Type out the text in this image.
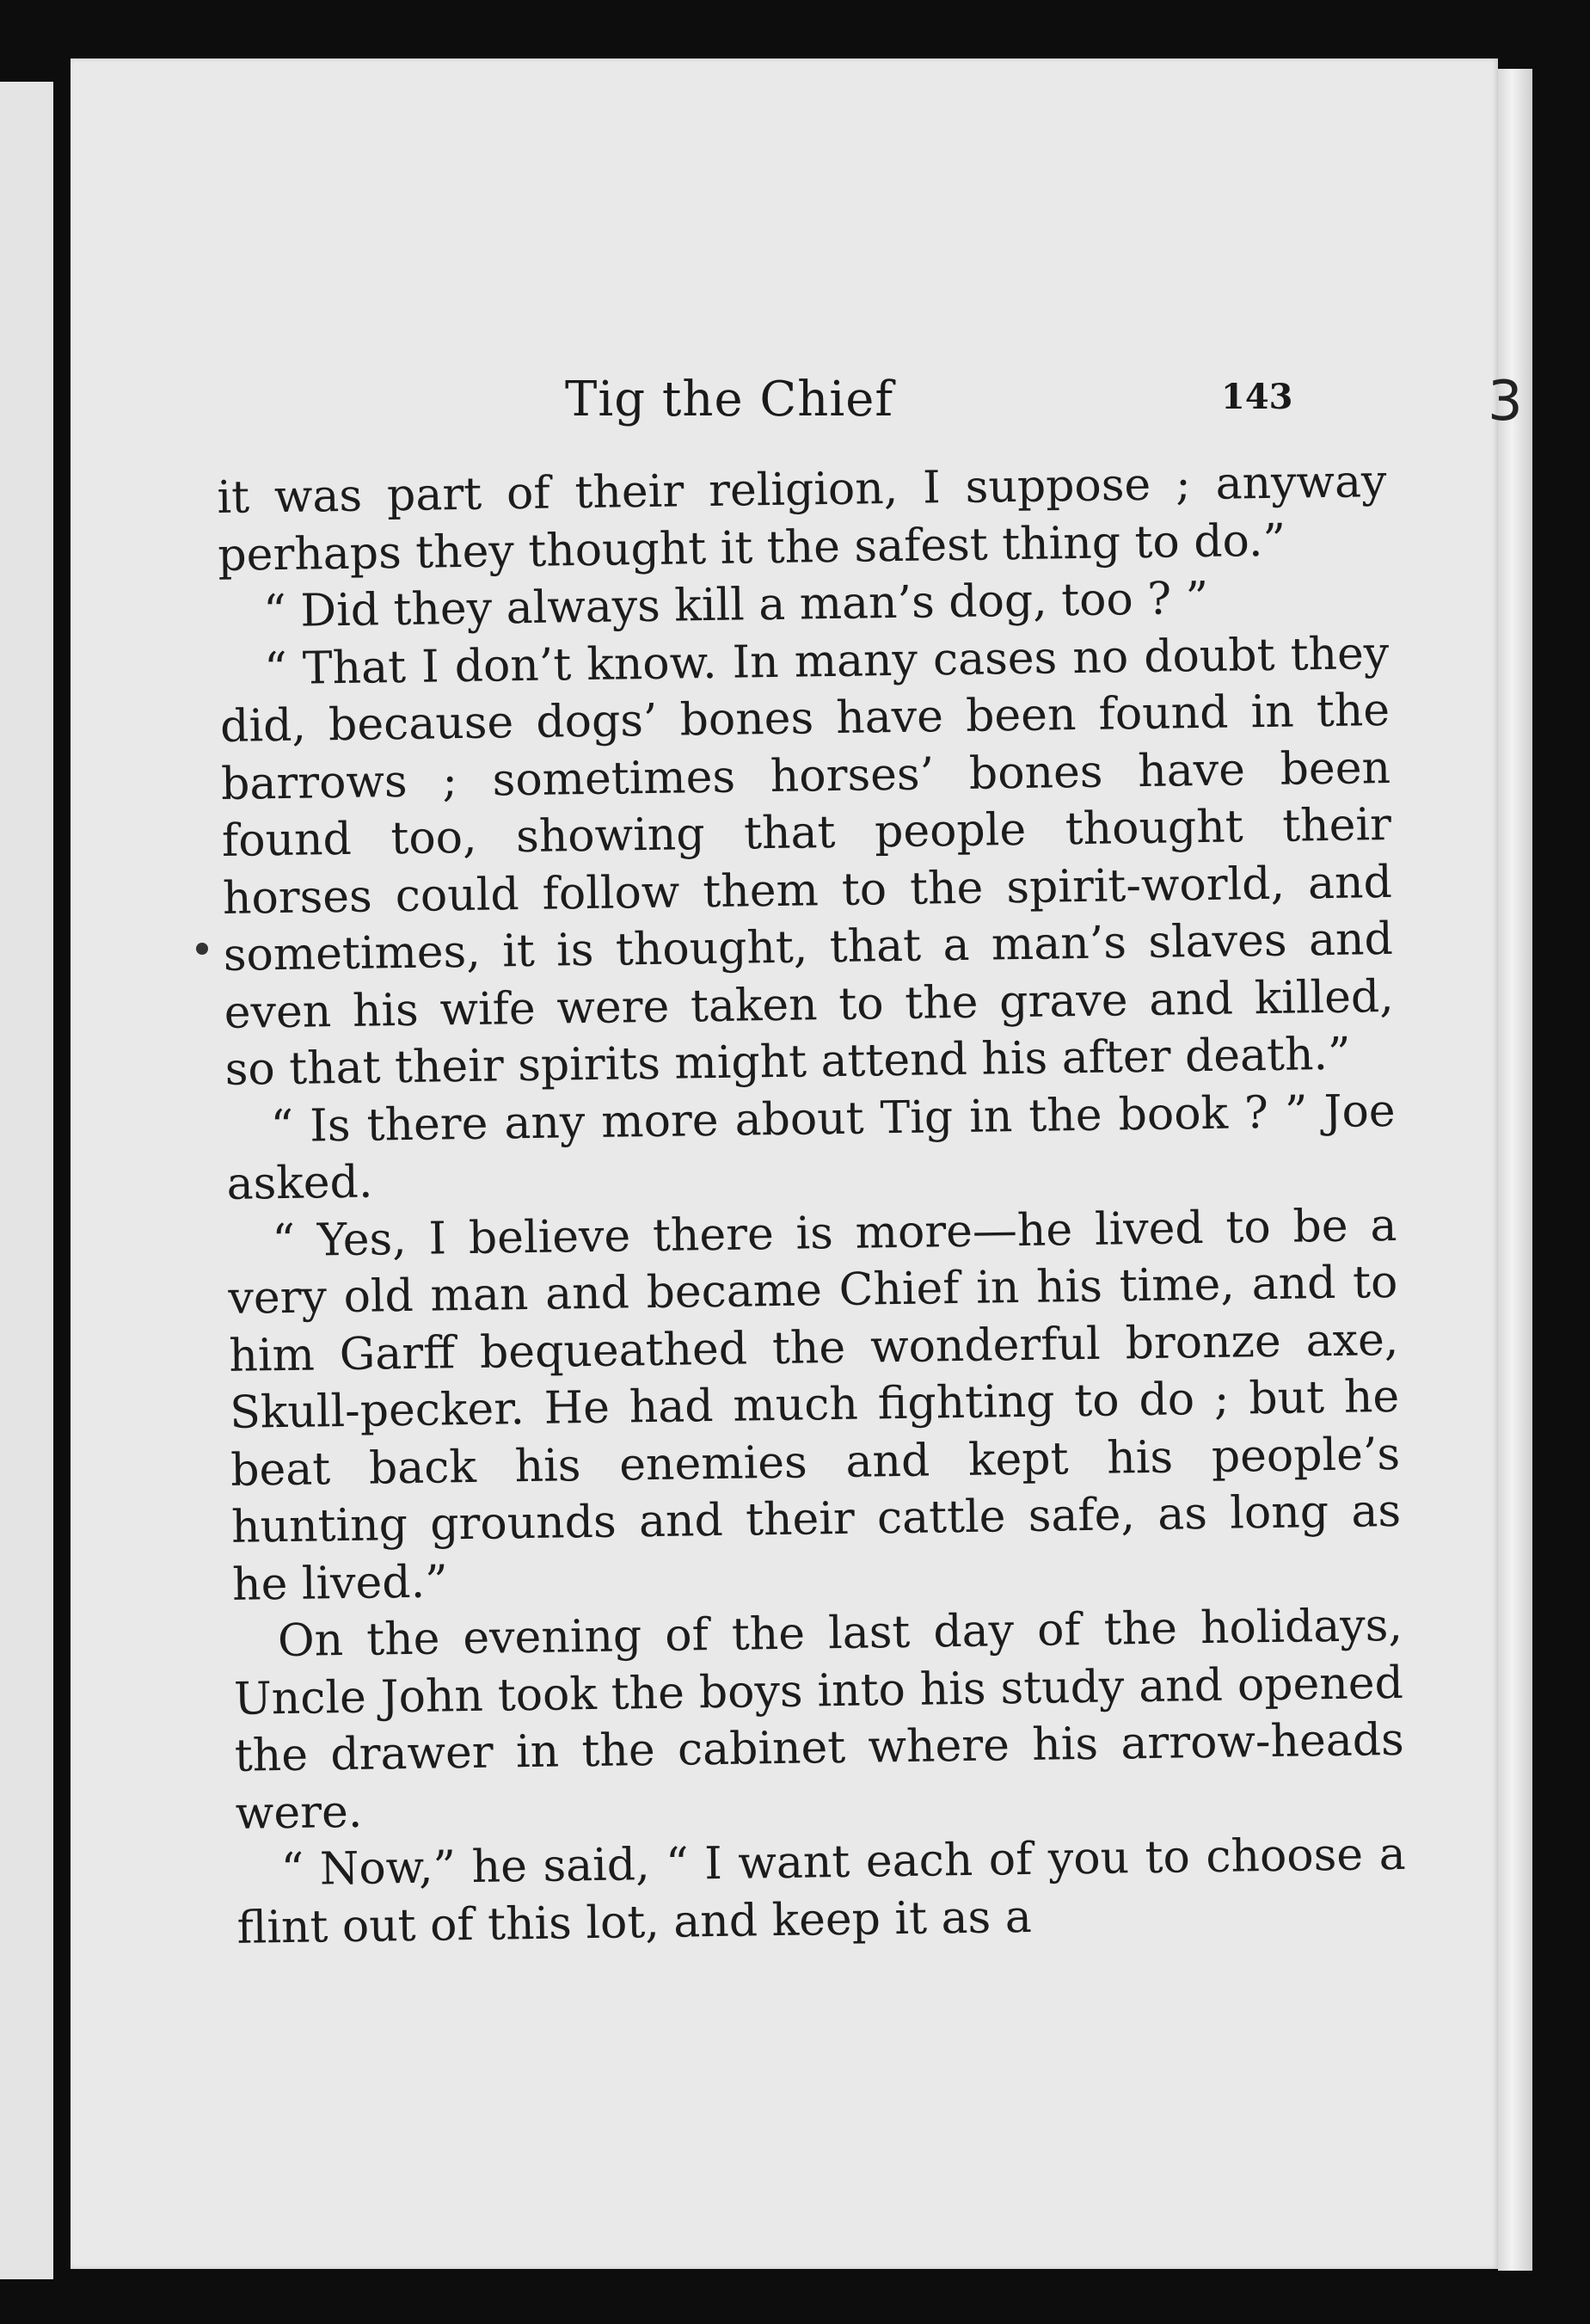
Tig the Chief	143

it was part of their religion, I suppose ; anyway perhaps they thought it the safest thing to do.”

“ Did they always kill a man’s dog, too ? ”

“ That I don’t know. In many cases no doubt they did, because dogs’ bones have been found in the barrows ; sometimes horses’ bones have been found too, showing that people thought their horses could follow them to the spirit-world, and sometimes, it is thought, that a man’s slaves and even his wife were taken to the grave and killed, so that their spirits might attend his after death.”

“ Is there any more about Tig in the book ? ” Joe asked.

“ Yes, I believe there is more—he lived to be a very old man and became Chief in his time, and to him Garff bequeathed the wonderful bronze axe, Skull-pecker. He had much fighting to do ; but he beat back his enemies and kept his people’s hunting grounds and their cattle safe, as long as he lived.”

On the evening of the last day of the holidays, Uncle John took the boys into his study and opened the drawer in the cabinet where his arrow-heads were.

“ Now,” he said, “ I want each of you to choose a flint out of this lot, and keep it as a

3
